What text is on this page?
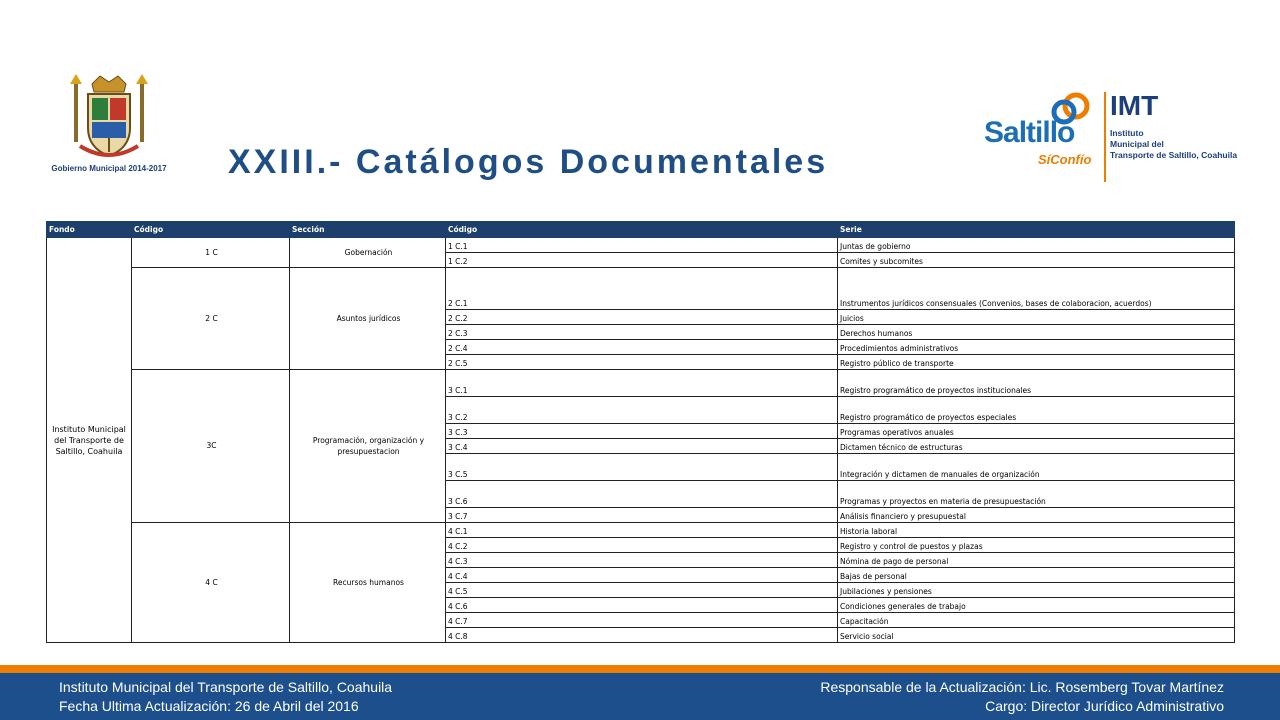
Gobierno Municipal 2014-2017 XXIII.- Catálogos Documentales
Saltillo
SíConfío
IMT
Instituto
Municipal del
Transporte de Saltillo, Coahuila
Fondo	Código	Sección	Código	Serie
Instituto Municipal del Transporte de Saltillo, Coahuila	1 C	Gobernación	1 C.1	Juntas de gobierno
			1 C.2	Comites y subcomites
	2 C	Asuntos jurídicos	2 C.1	Instrumentos jurídicos consensuales (Convenios, bases de colaboracion, acuerdos)
			2 C.2	Juicios
			2 C.3	Derechos humanos
			2 C.4	Procedimientos administrativos
			2 C.5	Registro público de transporte
	3C	Programación, organización y presupuestacion	3 C.1	Registro programático de proyectos institucionales
			3 C.2	Registro programático de proyectos especiales
			3 C.3	Programas operativos anuales
			3 C.4	Dictamen técnico de estructuras
			3 C.5	Integración y dictamen de manuales de organización
			3 C.6	Programas y proyectos en materia de presupuestación
			3 C.7	Análisis financiero y presupuestal
	4 C	Recursos humanos	4 C.1	Historia laboral
			4 C.2	Registro y control de puestos y plazas
			4 C.3	Nómina de pago de personal
			4 C.4	Bajas de personal
			4 C.5	Jubilaciones y pensiones
			4 C.6	Condiciones generales de trabajo
			4 C.7	Capacitación
			4 C.8	Servicio social
Instituto Municipal del Transporte de Saltillo, Coahuila
Fecha Ultima Actualización: 26 de Abril del 2016
Responsable de la Actualización: Lic. Rosemberg Tovar Martínez
Cargo: Director Jurídico Administrativo
